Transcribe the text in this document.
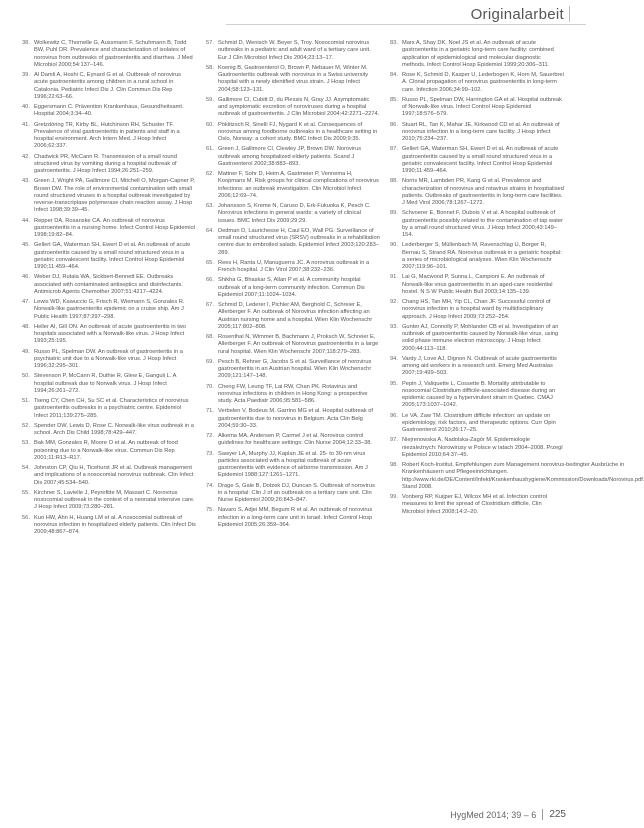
Originalarbeit
38. Wolkewitz C, Thornelle G, Aussmann F, Schuhmann B, Todd BW, Puhl DR. Prevalence and characterization of isolates of norovirus from outbreaks of gastroenteritis and diarrhea. J Med Microbiol 2000;54:137–146.
39. Al Damli A, Hoshi C, Eynard G et al. Outbreak of norovirus acute gastroenteritis among children in a rural school in Catalonia. Pediatric Infect Dis J. Clin Commun Dis Rep 1996;22:63–66.
40. Eggersmann C. Prävention Krankenhaus, Gesundheitsamt. Hospital 2004;3:34–40.
41. Gretzdöring TR, Kirby BL, Hutchinson RH, Schuster TF. Prevalence of viral gastroenteritis in patients and staff in a hospital environment. Arch Intern Med. J Hosp Infect 2006;62:337.
42. Chadwick PR, McCann R. Transmission of a small round structured virus by vomiting during a hospital outbreak of gastroenteritis. J Hosp Infect 1994;26:251–259.
43. Green J, Wright PA, Gallimore CI, Mitchell O, Morgan-Capner P, Brown DW. The role of environmental contamination with small round structured viruses in a hospital outbreak investigated by reverse-transcriptase polymerase chain reaction assay. J Hosp Infect 1998;39:39–45.
44. Repper DA, Rosanske CA. An outbreak of norovirus gastroenteritis in a nursing home. Infect Control Hosp Epidemiol 1998;19:82–84.
45. Gellert GA, Waterman SH, Ewert D et al. An outbreak of acute gastroenteritis caused by a small round structured virus in a geriatric convalescent facility. Infect Control Hosp Epidemiol 1990;11:459–464.
46. Weber DJ, Rutala WA, Sickbert-Bennett EE. Outbreaks associated with contaminated antiseptics and disinfectants. Antimicrob Agents Chemother 2007;51:4217–4224.
47. Lewis WD, Kawuccio G, Frisch R, Wiemann S, Gonzales R. Norwalk-like gastroenteritis epidemic on a cruise ship. Am J Public Health 1997;87:297–298.
48. Heller AI, Gill ON. An outbreak of acute gastroenteritis in two hospitals associated with a Norwalk-like virus. J Hosp Infect 1993;25:195.
49. Russo PL, Spelman DW. An outbreak of gastroenteritis in a psychiatric unit due to a Norwalk-like virus. J Hosp Infect 1996;32:295–301.
50. Stevenson P, McCann R, Duthie R, Glew E, Ganguli L. A hospital outbreak due to Norwalk virus. J Hosp Infect 1994;26:261–272.
51. Tseng CY, Chen CH, Su SC et al. Characteristics of norovirus gastroenteritis outbreaks in a psychiatric centre. Epidemiol Infect 2011;139:275–285.
52. Spender DW, Lewis D, Rose C. Norwalk-like virus outbreak in a school. Arch Dis Child 1998;78:429–447.
53. Bak MM, Gonzales R, Moore O et al. An outbreak of food poisoning due to a Norwalk-like virus. Commun Dis Rep 2001;11:R13–R17.
54. Johnston CP, Qiu H, Ticehurst JR et al. Outbreak management and implications of a nosocomial norovirus outbreak. Clin Infect Dis 2007;45:534–540.
55. Kirchner S, Lavielle J, Peyrefitte M, Massart C. Norovirus nosocomial outbreak in the context of a neonatal intensive care. J Hosp Infect 2009;73:280–281.
56. Kuo HW, Ahn H, Huang LM et al. A nosocomial outbreak of norovirus infection in hospitalized elderly patients. Clin Infect Dis 2009;48:867–874.
57. Schmid D, Wenisch W, Beyer S, Troy. Nosocomial norovirus outbreaks in a pediatric and adult ward of a tertiary care unit. Eur J Clin Microbiol Infect Dis 2004;23:13–17.
58. Koenig B, Gastroenterol O, Brown P, Nebauer M, Winter M. Gastroenteritis outbreak with norovirus in a Swiss university hospital with a newly identified virus strain. J Hosp Infect 2004;58:123–131.
59. Gallimore CI, Cubitt D, du Plessis N, Gray JJ. Asymptomatic and symptomatic excretion of noroviruses during a hospital outbreak of gastroenteritis. J Clin Microbiol 2004;42:2271–2274.
60. Pöklitzsch R, Sinelli FJ, Nygard K et al. Consequences of norovirus among foodborne outbreaks in a healthcare setting in Oslo, Norway: a cohort study. BMC Infect Dis 2009;9:35.
61. Green J, Gallimore CI, Clewley JP, Brown DW. Norovirus outbreak among hospitalized elderly patients. Scand J Gastroenterol 2002;38:883–893.
62. Mattner F, Sohr D, Heim A, Gastmeier P, Vennema H, Koopmans M. Risk groups for clinical complications of norovirus infections: an outbreak investigation. Clin Microbiol Infect 2006;12:69–74.
63. Johansson S, Kreme N, Caruso D, Erk-Fukuoka K, Pesch C. Norovirus infections in general wards: a variety of clinical issues. BMC Infect Dis 2009;29:29.
64. Dedman D, Laurichesse H, Caul EO, Wall PG. Surveillance of small round structured virus (SRSV) outbreaks in a rehabilitation centre due to embroiled salads. Epidemiol Infect 2003;120:283–289.
65. Rees H, Ranta U, Manuguerra JC. A norovirus outbreak in a French hospital. J Clin Virol 2007;38:232–236.
66. Shikha G, Bhaskar S, Allan P et al. A community hospital outbreak of a long-term community infection. Commun Dis Epidemiol 2007;11:1024–1034.
67. Schmid D, Lederer I, Pichler AM, Berghold C, Schreier E, Allerberger F. An outbreak of Norovirus infection affecting an Austrian nursing home and a hospital. Wien Klin Wochenschr 2005;117:802–808.
68. Rosenthal N, Wimmer B, Bachmann J, Proksch W, Schreier E, Allerberger F. An outbreak of Norovirus gastroenteritis in a large rural hospital. Wien Klin Wochenschr 2007;118:279–283.
69. Pesch B, Rehner G, Jacobs S et al. Surveillance of norovirus gastroenteritis in an Austrian hospital. Wien Klin Wochenschr 2009;121:147–148.
70. Cheng FW, Leung TF, Lai RW, Chan PK. Rotavirus and norovirus infections in children in Hong Kong: a prospective study. Acta Paediatr 2006;95:581–586.
71. Verbelen V, Bodeus M, Garrino MG et al. Hospital outbreak of gastroenteritis due to norovirus in Belgium. Acta Clin Belg 2004;59:30–33.
72. Alkema MA, Andersen P, Carmel J et al. Norovirus control guidelines for healthcare settings: Clin Nurse 2004;12:33–38.
73. Sawyer LA, Murphy JJ, Kaplan JE et al. 25- to 30-nm virus particles associated with a hospital outbreak of acute gastroenteritis with evidence of airborne transmission. Am J Epidemiol 1988;127:1261–1271.
74. Drage S, Gale B, Dotzek DJ, Duncan S. Outbreak of norovirus in a hospital: Clin J of an outbreak on a tertiary care unit. Clin Nurse Epidemiol 2009;26:843–847.
75. Navaro S, Adjei MM, Begum R et al. An outbreak of norovirus infection in a long-term care unit in Israel. Infect Control Hosp Epidemiol 2005;26:359–364.
83. Marx A, Shay DK, Noel JS et al. An outbreak of acute gastroenteritis in a geriatric long-term care facility: combined application of epidemiological and molecular diagnostic methods. Infect Control Hosp Epidemiol 1999;20:306–311.
84. Rose K, Schmid D, Kasper U, Lederbogen K, Horn M, Sauerbrei A. Clonal propagation of norovirus gastroenteritis in long-term care. Infection 2006;34:99–102.
85. Russo PL, Spelman DW, Harrington GA et al. Hospital outbreak of Norwalk-like virus. Infect Control Hosp Epidemiol 1997;18:576–579.
86. Stuart RL, Tan K, Mahar JE, Kirkwood CD et al. An outbreak of norovirus infection in a long-term care facility. J Hosp Infect 2010;75:234–237.
87. Gellert GA, Waterman SH, Ewert D et al. An outbreak of acute gastroenteritis caused by a small round structured virus in a geriatric convalescent facility. Infect Control Hosp Epidemiol 1990;11:459–464.
88. Norris MR, Lambden PR, Kang G et al. Prevalence and characterization of norovirus and rotavirus strains in hospitalised patients. Outbreaks of gastroenteritis in long-term care facilities. J Med Virol 2006;78:1267–1272.
89. Schvoerer E, Bonnet F, Dubois V et al. A hospital outbreak of gastroenteritis possibly related to the contamination of tap water by a small round structured virus. J Hosp Infect 2000;43:149–154.
90. Lederberger S, Müllenbach M, Ravenschlag U, Borger R, Bernau S, Strand RA. Norovirus outbreak in a geriatric hospital: a series of microbiological analyses. Wien Klin Wochenschr 2007;119:96–101.
91. Lai G, Macwood P, Sunna L, Campioni E. An outbreak of Norwalk-like virus gastroenteritis in an aged-care residential hostel. N S W Public Health Bull 2003;14:135–139.
92. Chang HS, Tan MH, Yip CL, Chan JF. Successful control of norovirus infection in a hospital ward by multidisciplinary approach. J Hosp Infect 2009;73:252–254.
93. Gunter AJ, Connolly P, Mohlander CB et al. Investigation of an outbreak of gastroenteritis caused by Norwalk-like virus, using solid phase immune electron microscopy. J Hosp Infect 2000;44:113–118.
94. Vardy J, Love AJ, Dignon N. Outbreak of acute gastroenteritis among aid workers in a research unit. Emerg Med Australas 2007;19:499–503.
95. Pepin J, Valiquette L, Cossette B. Mortality attributable to nosocomial Clostridium difficile-associated disease during an epidemic caused by a hypervirulent strain in Quebec. CMAJ 2005;173:1037–1042.
96. Le VA, Zaw TM. Clostridium difficile infection: an update on epidemiology, risk factors, and therapeutic options. Curr Opin Gastroenterol 2010;26:17–25.
97. Niejrenowska A, Nadolska-Zagór M. Epidemiologie niezależnych: Norowirusy w Polsce w latach 2004–2008. Przegl Epidemiol 2010;64:37–45.
98. Robert Koch-Institut. Empfehlungen zum Management norovirus-bedingter Ausbrüche in Krankenhäusern und Pflegeeinrichtungen. http://www.rki.de/DE/Content/Infekt/Krankenhaushygiene/Kommission/Downloads/Norovirus.pdf. Stand 2008.
99. Vonberg RP, Kuijper EJ, Wilcox MH et al. Infection control measures to limit the spread of Clostridium difficile. Clin Microbiol Infect 2008;14:2–20.
HygMed 2014; 39 – 6 225
